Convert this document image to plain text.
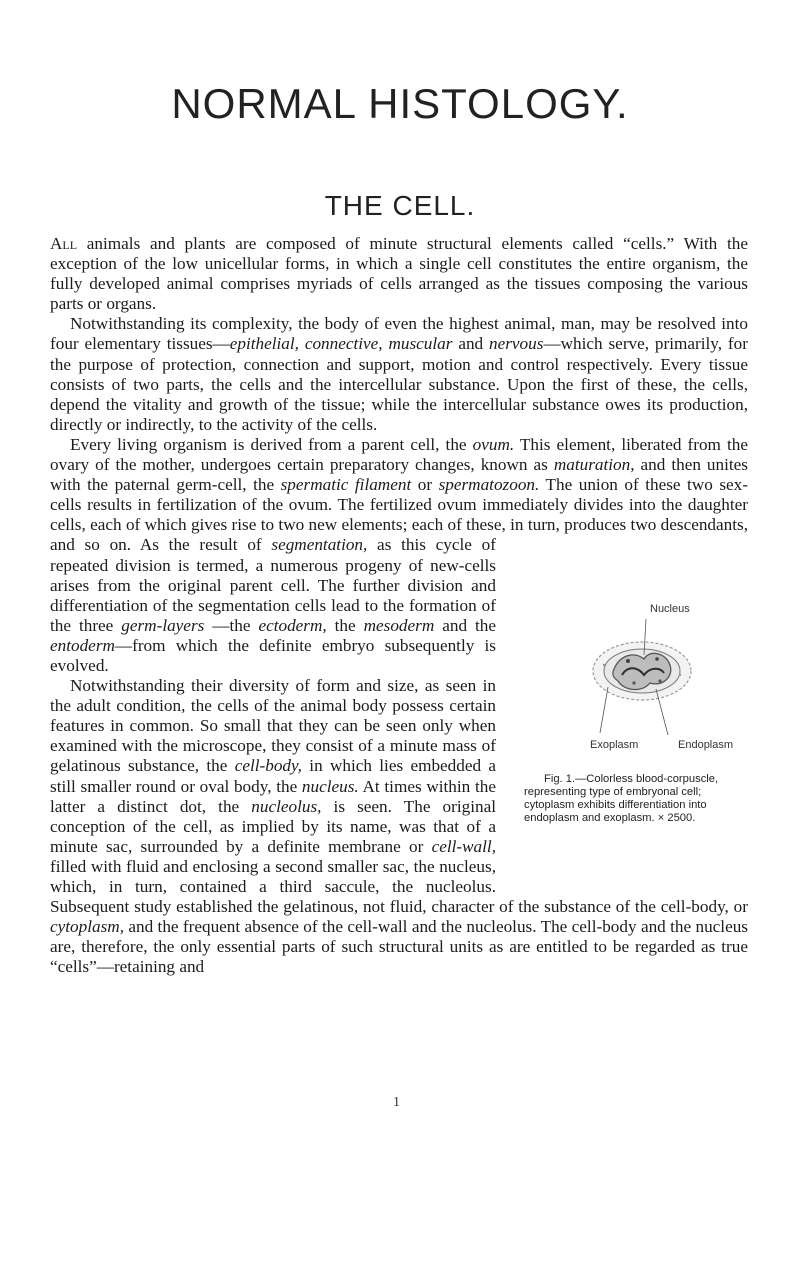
NORMAL HISTOLOGY.
THE CELL.

All animals and plants are composed of minute structural elements called “cells.” With the exception of the low unicellular forms, in which a single cell constitutes the entire organism, the fully developed animal comprises myriads of cells arranged as the tissues composing the various parts or organs.

Notwithstanding its complexity, the body of even the highest animal, man, may be resolved into four elementary tissues—epithelial, connective, muscular and nervous—which serve, primarily, for the purpose of protection, connection and support, motion and control respectively. Every tissue consists of two parts, the cells and the intercellular substance. Upon the first of these, the cells, depend the vitality and growth of the tissue; while the intercellular substance owes its production, directly or indirectly, to the activity of the cells.

Every living organism is derived from a parent cell, the ovum. This element, liberated from the ovary of the mother, undergoes certain preparatory changes, known as maturation, and then unites with the paternal germ-cell, the spermatic filament or spermatozoon. The union of these two sex-cells results in fertilization of the ovum. The fertilized ovum immediately divides into the daughter cells, each of which gives rise to two new elements; each of these, in turn, produces two descendants, and so on. As the result of
Nucleus
Exoplasm	Endoplasm
Fig. 1.—Colorless blood-corpuscle, representing type of embryonal cell; cytoplasm exhibits differentiation into endoplasm and exoplasm. × 2500.
segmentation, as this cycle of repeated division is termed, a numerous progeny of new-cells arises from the original parent cell. The further division and differentiation of the segmentation cells lead to the formation of the three germ-layers —the ectoderm, the mesoderm and the entoderm—from which the definite embryo subsequently is evolved.

Notwithstanding their diversity of form and size, as seen in the adult condition, the cells of the animal body possess certain features in common. So small that they can be seen only when examined with the microscope, they consist of a minute mass of gelatinous substance, the cell-body, in which lies embedded a still smaller round or oval body, the nucleus. At times within the latter a distinct dot, the nucleolus, is seen. The original conception of the cell, as implied by its name, was that of a minute sac, surrounded by a definite membrane or cell-wall, filled with fluid and enclosing a second smaller sac, the nucleus, which, in turn, contained a third saccule, the nucleolus. Subsequent study established the gelatinous, not fluid, character of the substance of the cell-body, or cytoplasm, and the frequent absence of the cell-wall and the nucleolus. The cell-body and the nucleus are, therefore, the only essential parts of such structural units as are entitled to be regarded as true “cells”—retaining and

1
